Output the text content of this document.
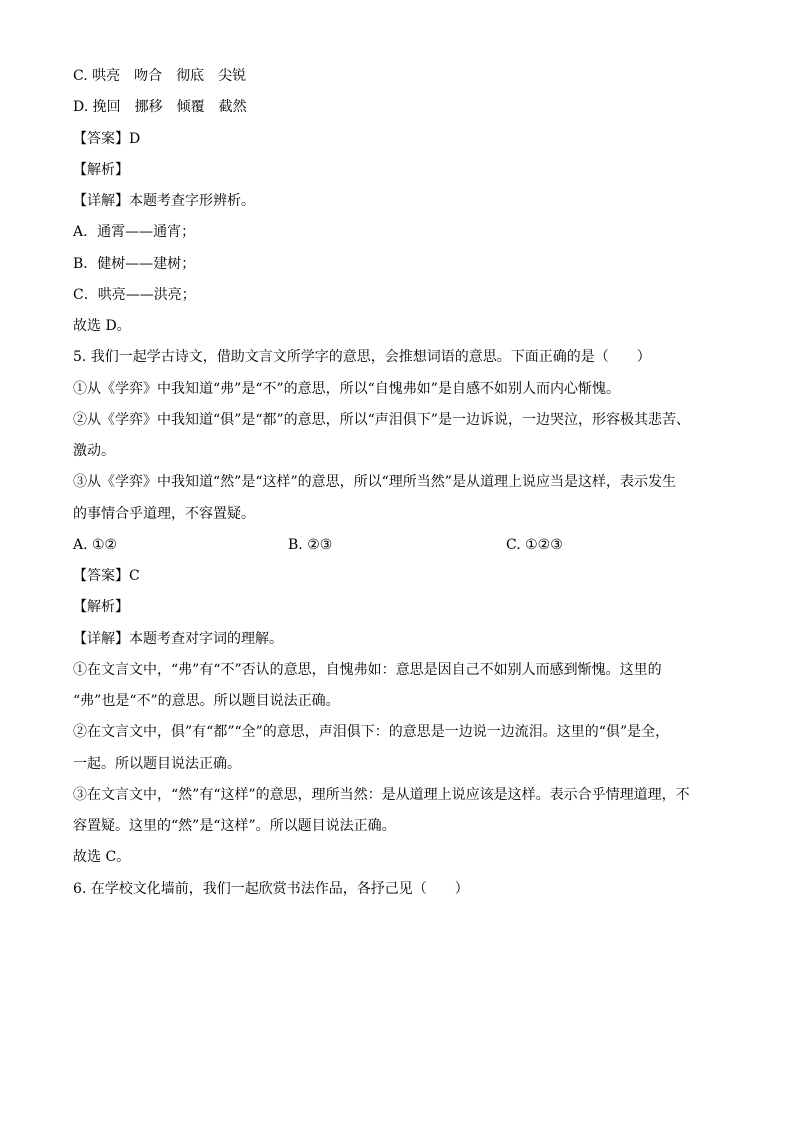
C. 哄亮　吻合　彻底　尖锐
D. 挽回　挪移　倾覆　截然
【答案】D
【解析】
【详解】本题考查字形辨析。
A．通霄——通宵；
B．健树——建树；
C．哄亮——洪亮；
故选 D。
5. 我们一起学古诗文，借助文言文所学字的意思，会推想词语的意思。下面正确的是（　　）
①从《学弈》中我知道“弗”是“不”的意思，所以“自愧弗如”是自感不如别人而内心惭愧。
②从《学弈》中我知道“俱”是“都”的意思，所以“声泪俱下”是一边诉说，一边哭泣，形容极其悲苦、
激动。
③从《学弈》中我知道“然”是“这样”的意思，所以“理所当然”是从道理上说应当是这样，表示发生
的事情合乎道理，不容置疑。
A. ①②	B. ②③	C. ①②③
【答案】C
【解析】
【详解】本题考查对字词的理解。
①在文言文中，“弗”有“不”否认的意思，自愧弗如：意思是因自己不如别人而感到惭愧。这里的
“弗”也是“不”的意思。所以题目说法正确。
②在文言文中，俱”有“都”“全”的意思，声泪俱下：的意思是一边说一边流泪。这里的“俱”是全，
一起。所以题目说法正确。
③在文言文中，“然”有“这样”的意思，理所当然：是从道理上说应该是这样。表示合乎情理道理，不
容置疑。这里的“然”是“这样”。所以题目说法正确。
故选 C。
6. 在学校文化墙前，我们一起欣赏书法作品，各抒己见（　　）
